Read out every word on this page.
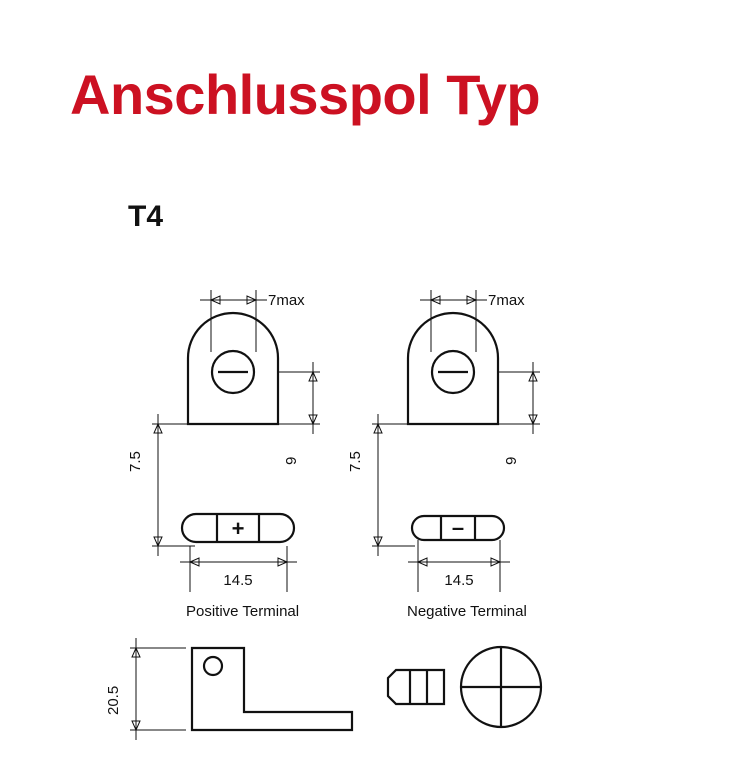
Anschlusspol Typ
T4
7max
9
7max
9
7.5	7.5
+
14.5
–
14.5
20.5
Positive Terminal	Negative Terminal
